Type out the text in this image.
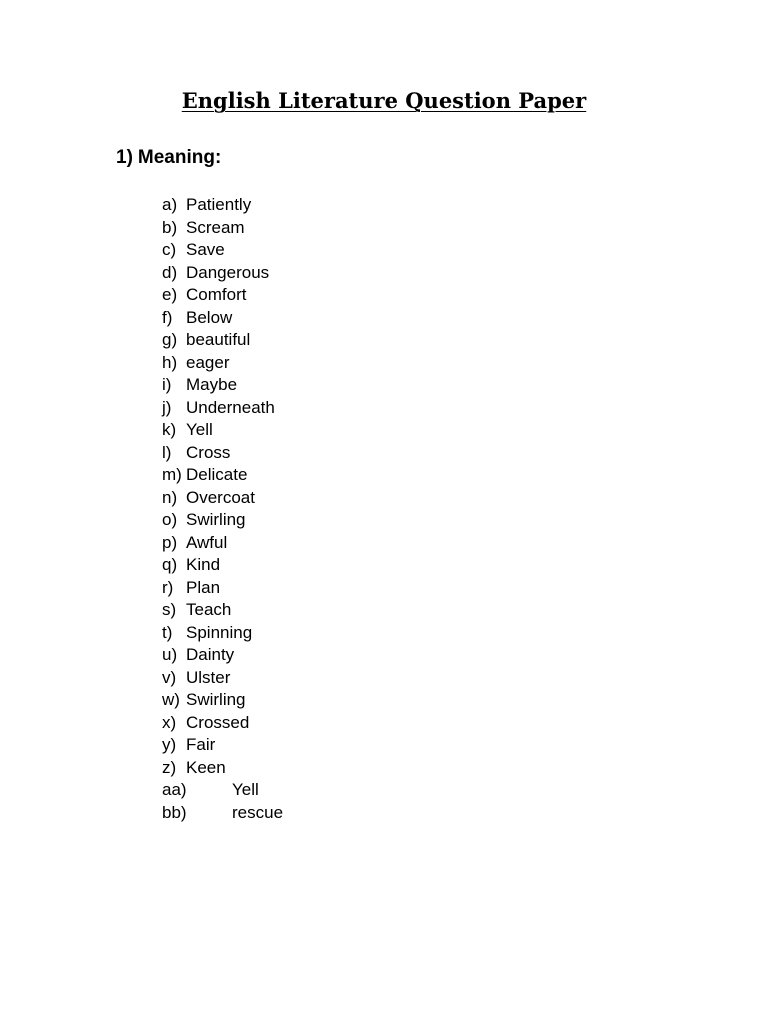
English Literature Question Paper
1) Meaning:
a) Patiently
b) Scream
c) Save
d) Dangerous
e) Comfort
f) Below
g) beautiful
h) eager
i) Maybe
j) Underneath
k) Yell
l) Cross
m) Delicate
n) Overcoat
o) Swirling
p) Awful
q) Kind
r) Plan
s) Teach
t) Spinning
u) Dainty
v) Ulster
w) Swirling
x) Crossed
y) Fair
z) Keen
aa)	Yell
bb)	rescue
